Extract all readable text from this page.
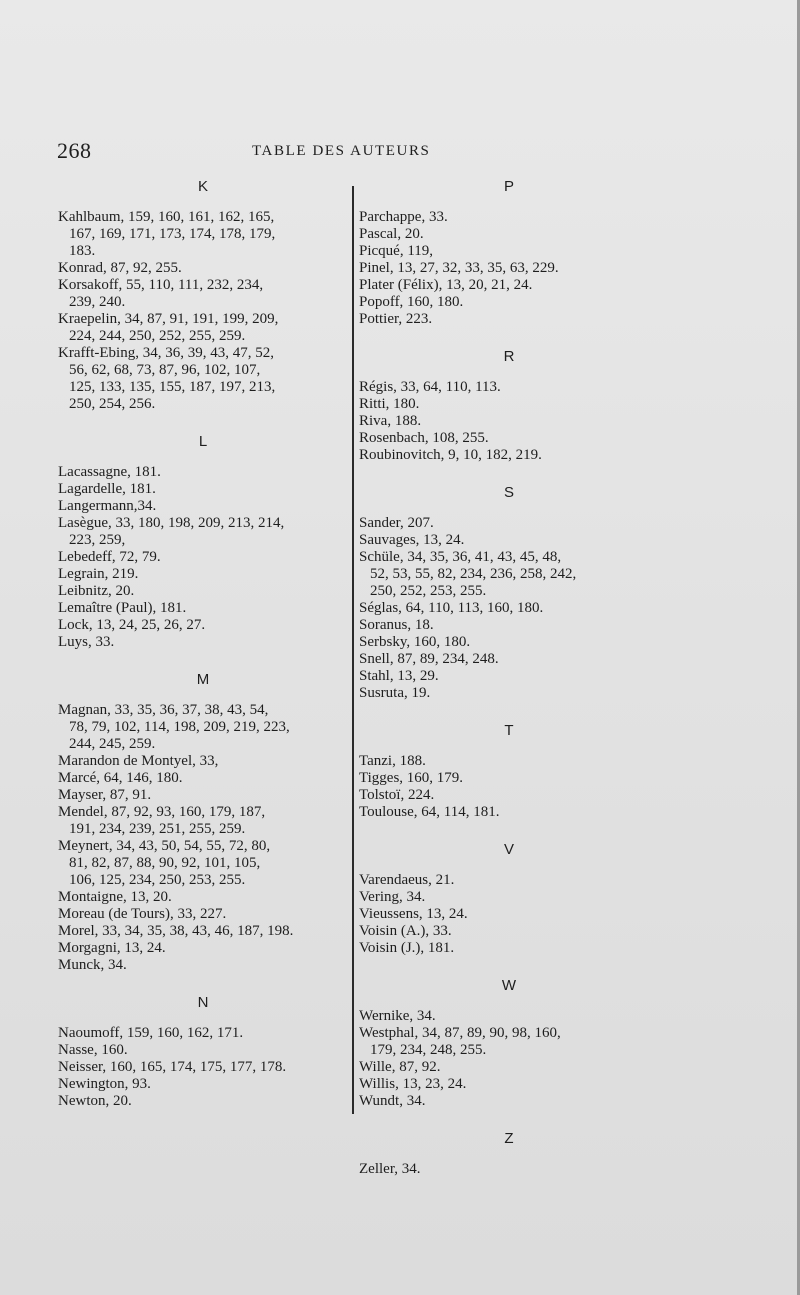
268	TABLE DES AUTEURS
K
Kahlbaum, 159, 160, 161, 162, 165,
167, 169, 171, 173, 174, 178, 179,
183.
Konrad, 87, 92, 255.
Korsakoff, 55, 110, 111, 232, 234,
239, 240.
Kraepelin, 34, 87, 91, 191, 199, 209,
224, 244, 250, 252, 255, 259.
Krafft-Ebing, 34, 36, 39, 43, 47, 52,
56, 62, 68, 73, 87, 96, 102, 107,
125, 133, 135, 155, 187, 197, 213,
250, 254, 256.
L
Lacassagne, 181.
Lagardelle, 181.
Langermann,34.
Lasègue, 33, 180, 198, 209, 213, 214,
223, 259,
Lebedeff, 72, 79.
Legrain, 219.
Leibnitz, 20.
Lemaître (Paul), 181.
Lock, 13, 24, 25, 26, 27.
Luys, 33.
M
Magnan, 33, 35, 36, 37, 38, 43, 54,
78, 79, 102, 114, 198, 209, 219, 223,
244, 245, 259.
Marandon de Montyel, 33,
Marcé, 64, 146, 180.
Mayser, 87, 91.
Mendel, 87, 92, 93, 160, 179, 187,
191, 234, 239, 251, 255, 259.
Meynert, 34, 43, 50, 54, 55, 72, 80,
81, 82, 87, 88, 90, 92, 101, 105,
106, 125, 234, 250, 253, 255.
Montaigne, 13, 20.
Moreau (de Tours), 33, 227.
Morel, 33, 34, 35, 38, 43, 46, 187, 198.
Morgagni, 13, 24.
Munck, 34.
N
Naoumoff, 159, 160, 162, 171.
Nasse, 160.
Neisser, 160, 165, 174, 175, 177, 178.
Newington, 93.
Newton, 20.
P
Parchappe, 33.
Pascal, 20.
Picqué, 119,
Pinel, 13, 27, 32, 33, 35, 63, 229.
Plater (Félix), 13, 20, 21, 24.
Popoff, 160, 180.
Pottier, 223.
R
Régis, 33, 64, 110, 113.
Ritti, 180.
Riva, 188.
Rosenbach, 108, 255.
Roubinovitch, 9, 10, 182, 219.
S
Sander, 207.
Sauvages, 13, 24.
Schüle, 34, 35, 36, 41, 43, 45, 48,
52, 53, 55, 82, 234, 236, 258, 242,
250, 252, 253, 255.
Séglas, 64, 110, 113, 160, 180.
Soranus, 18.
Serbsky, 160, 180.
Snell, 87, 89, 234, 248.
Stahl, 13, 29.
Susruta, 19.
T
Tanzi, 188.
Tigges, 160, 179.
Tolstoï, 224.
Toulouse, 64, 114, 181.
V
Varendaeus, 21.
Vering, 34.
Vieussens, 13, 24.
Voisin (A.), 33.
Voisin (J.), 181.
W
Wernike, 34.
Westphal, 34, 87, 89, 90, 98, 160,
179, 234, 248, 255.
Wille, 87, 92.
Willis, 13, 23, 24.
Wundt, 34.
Z
Zeller, 34.
